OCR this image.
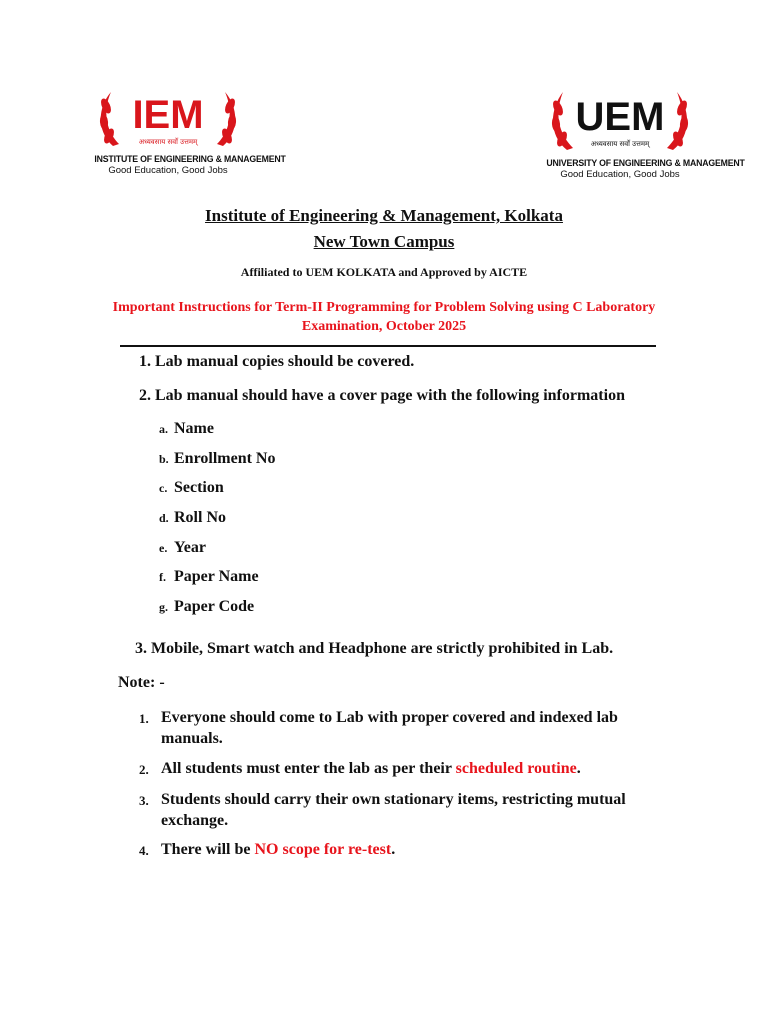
IEM
अध्यवसाय सर्वो उत्तमम्
INSTITUTE OF ENGINEERING & MANAGEMENT
Good Education, Good Jobs
UEM
अध्यवसाय सर्वो उत्तमम्
UNIVERSITY OF ENGINEERING & MANAGEMENT
Good Education, Good Jobs
Institute of Engineering & Management, Kolkata
New Town Campus
Affiliated to UEM KOLKATA and Approved by AICTE
Important Instructions for Term-II Programming for Problem Solving using C Laboratory
Examination, October 2025
1. Lab manual copies should be covered.
2. Lab manual should have a cover page with the following information
a. Name
b. Enrollment No
c. Section
d. Roll No
e. Year
f. Paper Name
g. Paper Code
3. Mobile, Smart watch and Headphone are strictly prohibited in Lab.
Note: -
1. Everyone should come to Lab with proper covered and indexed lab
manuals.
2. All students must enter the lab as per their scheduled routine.
3. Students should carry their own stationary items, restricting mutual
exchange.
4. There will be NO scope for re-test.
